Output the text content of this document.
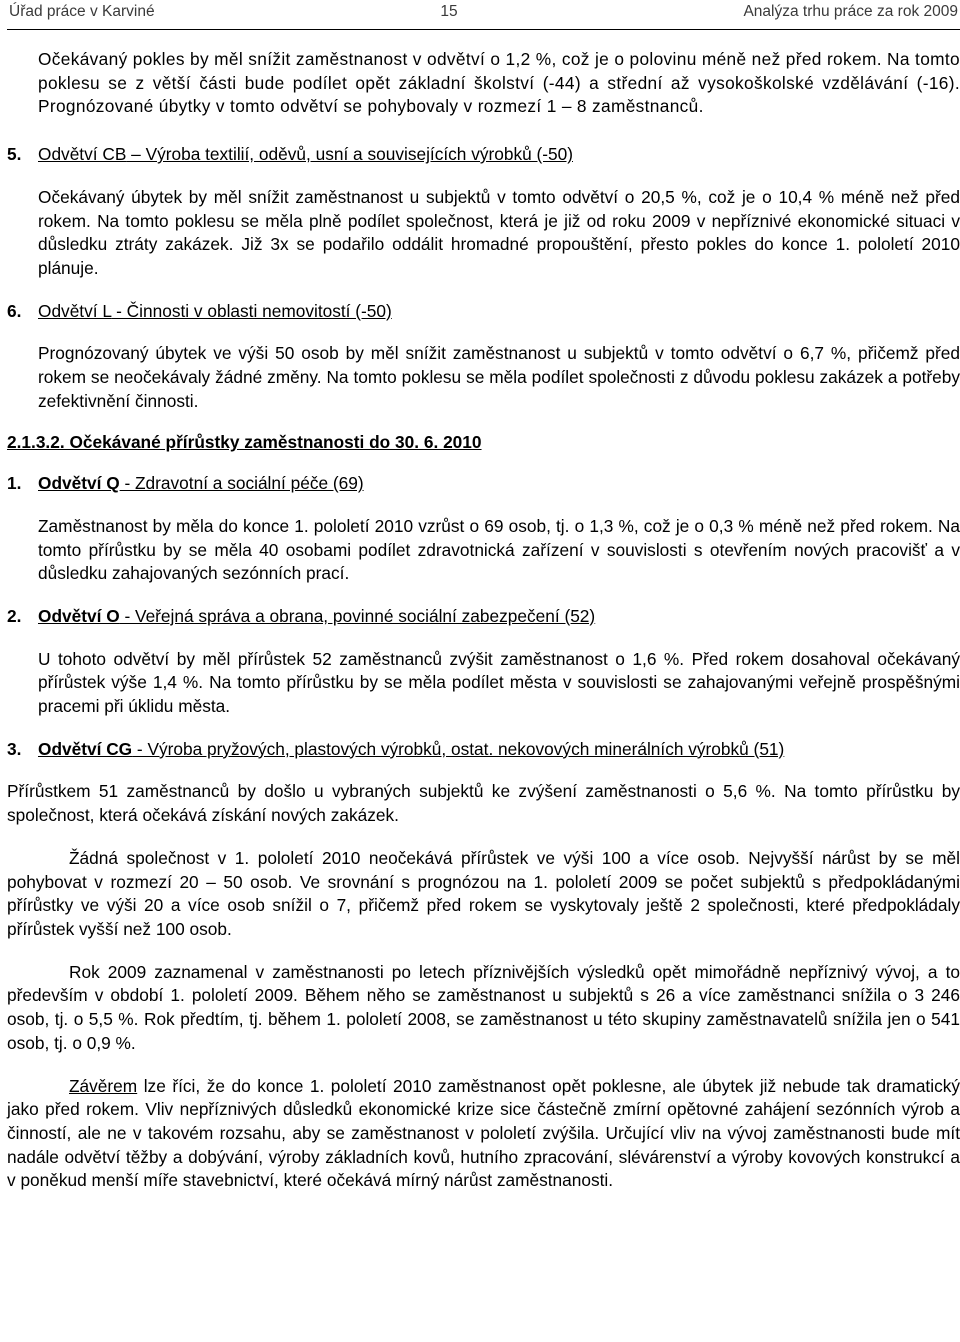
Úřad práce v Karviné	15	Analýza trhu práce za rok 2009

Očekávaný pokles by měl snížit zaměstnanost v odvětví o 1,2 %, což je o polovinu méně než před rokem. Na tomto poklesu se z větší části bude podílet opět základní školství (-44) a střední až vysokoškolské vzdělávání (-16). Prognózované úbytky v tomto odvětví se pohybovaly v rozmezí 1 – 8 zaměstnanců.

5. Odvětví CB – Výroba textilií, oděvů, usní a souvisejících výrobků (-50)

Očekávaný úbytek by měl snížit zaměstnanost u subjektů v tomto odvětví o 20,5 %, což je o 10,4 % méně než před rokem. Na tomto poklesu se měla plně podílet společnost, která je již od roku 2009 v nepříznivé ekonomické situaci v důsledku ztráty zakázek. Již 3x se podařilo oddálit hromadné propouštění, přesto pokles do konce 1. pololetí 2010 plánuje.

6. Odvětví L - Činnosti v oblasti nemovitostí (-50)

Prognózovaný úbytek ve výši 50 osob by měl snížit zaměstnanost u subjektů v tomto odvětví o 6,7 %, přičemž před rokem se neočekávaly žádné změny. Na tomto poklesu se měla podílet společnosti z důvodu poklesu zakázek a potřeby zefektivnění činnosti.

2.1.3.2. Očekávané přírůstky zaměstnanosti do 30. 6. 2010

1. Odvětví Q - Zdravotní a sociální péče (69)

Zaměstnanost by měla do konce 1. pololetí 2010 vzrůst o 69 osob, tj. o 1,3 %, což je o 0,3 % méně než před rokem. Na tomto přírůstku by se měla 40 osobami podílet zdravotnická zařízení v souvislosti s otevřením nových pracovišť a v důsledku zahajovaných sezónních prací.

2. Odvětví O - Veřejná správa a obrana, povinné sociální zabezpečení (52)

U tohoto odvětví by měl přírůstek 52 zaměstnanců zvýšit zaměstnanost o 1,6 %. Před rokem dosahoval očekávaný přírůstek výše 1,4 %. Na tomto přírůstku by se měla podílet města v souvislosti se zahajovanými veřejně prospěšnými pracemi při úklidu města.

3. Odvětví CG - Výroba pryžových, plastových výrobků, ostat. nekovových minerálních výrobků (51)

Přírůstkem 51 zaměstnanců by došlo u vybraných subjektů ke zvýšení zaměstnanosti o 5,6 %. Na tomto přírůstku by společnost, která očekává získání nových zakázek.

Žádná společnost v 1. pololetí 2010 neočekává přírůstek ve výši 100 a více osob. Nejvyšší nárůst by se měl pohybovat v rozmezí 20 – 50 osob. Ve srovnání s prognózou na 1. pololetí 2009 se počet subjektů s předpokládanými přírůstky ve výši 20 a více osob snížil o 7, přičemž před rokem se vyskytovaly ještě 2 společnosti, které předpokládaly přírůstek vyšší než 100 osob.

Rok 2009 zaznamenal v zaměstnanosti po letech příznivějších výsledků opět mimořádně nepříznivý vývoj, a to především v období 1. pololetí 2009. Během něho se zaměstnanost u subjektů s 26 a více zaměstnanci snížila o 3 246 osob, tj. o 5,5 %. Rok předtím, tj. během 1. pololetí 2008, se zaměstnanost u této skupiny zaměstnavatelů snížila jen o 541 osob, tj. o 0,9 %.

Závěrem lze říci, že do konce 1. pololetí 2010 zaměstnanost opět poklesne, ale úbytek již nebude tak dramatický jako před rokem. Vliv nepříznivých důsledků ekonomické krize sice částečně zmírní opětovné zahájení sezónních výrob a činností, ale ne v takovém rozsahu, aby se zaměstnanost v pololetí zvýšila. Určující vliv na vývoj zaměstnanosti bude mít nadále odvětví těžby a dobývání, výroby základních kovů, hutního zpracování, slévárenství a výroby kovových konstrukcí a v poněkud menší míře stavebnictví, které očekává mírný nárůst zaměstnanosti.
